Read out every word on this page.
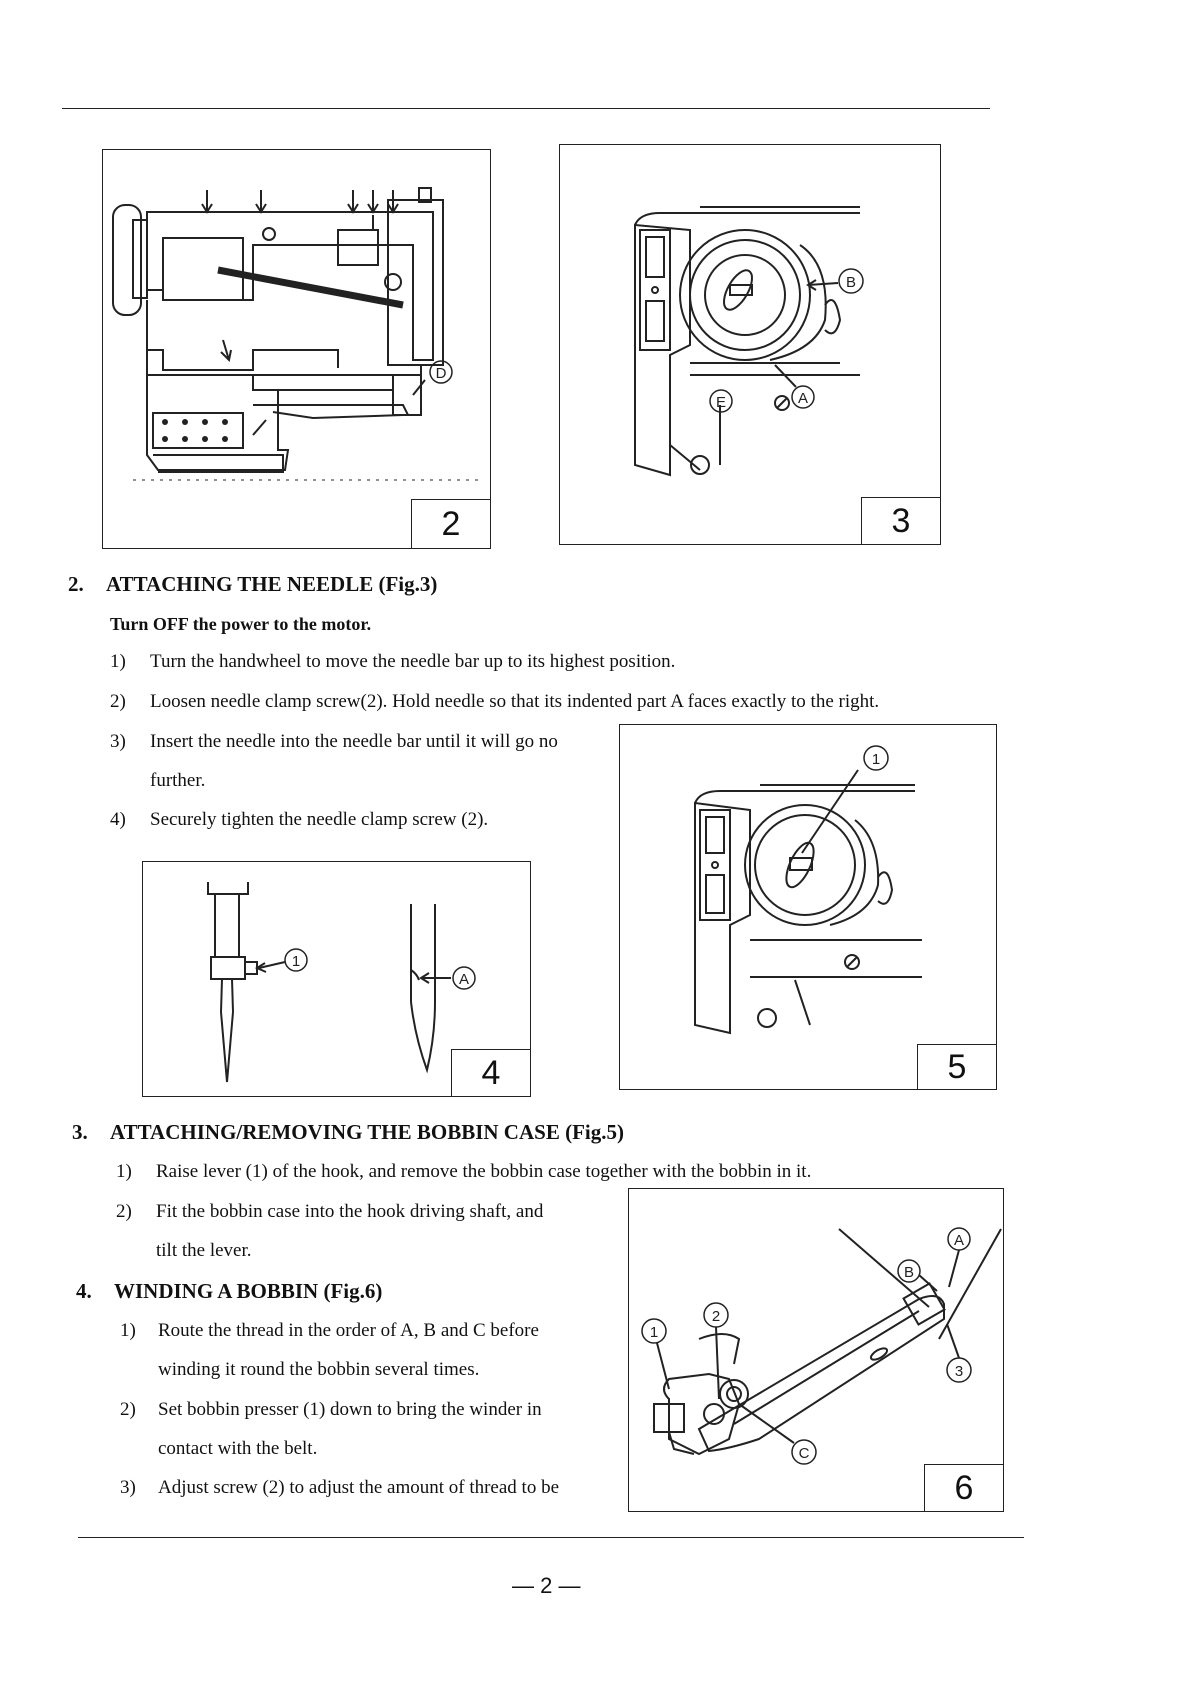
D
2
B
E	A
3
2. ATTACHING THE NEEDLE (Fig.3)
Turn OFF the power to the motor.
1) Turn the handwheel to move the needle bar up to its highest position.
2) Loosen needle clamp screw(2). Hold needle so that its indented part A faces exactly to the right.
3) Insert the needle into the needle bar until it will go no
further.
4) Securely tighten the needle clamp screw (2).
1
A
4
1
5
3. ATTACHING/REMOVING THE BOBBIN CASE (Fig.5)
1) Raise lever (1) of the hook, and remove the bobbin case together with the bobbin in it.
2) Fit the bobbin case into the hook driving shaft, and
tilt the lever.
4. WINDING A BOBBIN (Fig.6)
1) Route the thread in the order of A, B and C before
winding it round the bobbin several times.
2) Set bobbin presser (1) down to bring the winder in
contact with the belt.
3) Adjust screw (2) to adjust the amount of thread to be
A
B
1
2
3
C
6
— 2 —
